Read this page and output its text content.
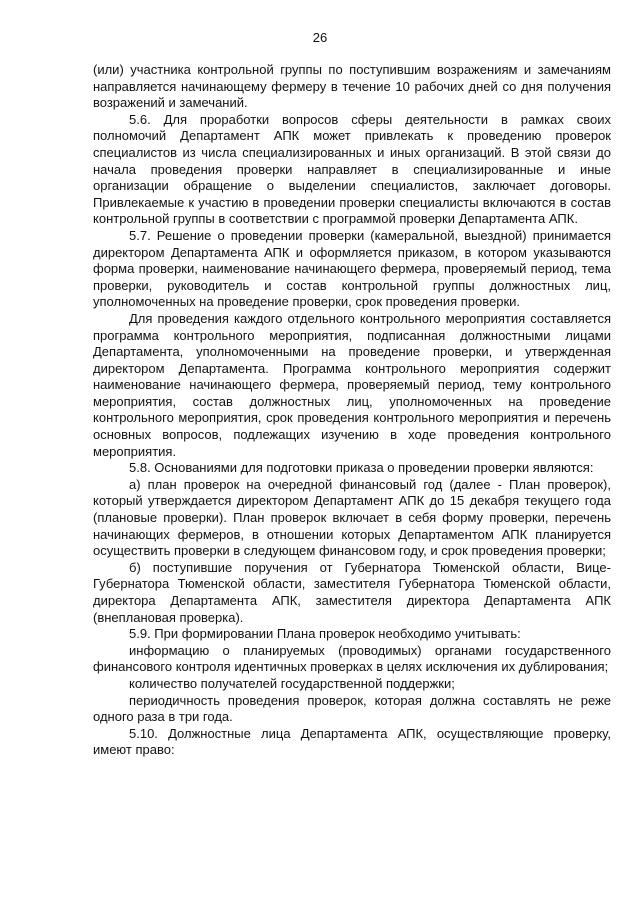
26

(или) участника контрольной группы по поступившим возражениям и замечаниям направляется начинающему фермеру в течение 10 рабочих дней со дня получения возражений и замечаний.

5.6. Для проработки вопросов сферы деятельности в рамках своих полномочий Департамент АПК может привлекать к проведению проверок специалистов из числа специализированных и иных организаций. В этой связи до начала проведения проверки направляет в специализированные и иные организации обращение о выделении специалистов, заключает договоры. Привлекаемые к участию в проведении проверки специалисты включаются в состав контрольной группы в соответствии с программой проверки Департамента АПК.

5.7. Решение о проведении проверки (камеральной, выездной) принимается директором Департамента АПК и оформляется приказом, в котором указываются форма проверки, наименование начинающего фермера, проверяемый период, тема проверки, руководитель и состав контрольной группы должностных лиц, уполномоченных на проведение проверки, срок проведения проверки.

Для проведения каждого отдельного контрольного мероприятия составляется программа контрольного мероприятия, подписанная должностными лицами Департамента, уполномоченными на проведение проверки, и утвержденная директором Департамента. Программа контрольного мероприятия содержит наименование начинающего фермера, проверяемый период, тему контрольного мероприятия, состав должностных лиц, уполномоченных на проведение контрольного мероприятия, срок проведения контрольного мероприятия и перечень основных вопросов, подлежащих изучению в ходе проведения контрольного мероприятия.

5.8. Основаниями для подготовки приказа о проведении проверки являются:

а) план проверок на очередной финансовый год (далее - План проверок), который утверждается директором Департамент АПК до 15 декабря текущего года (плановые проверки). План проверок включает в себя форму проверки, перечень начинающих фермеров, в отношении которых Департаментом АПК планируется осуществить проверки в следующем финансовом году, и срок проведения проверки;

б) поступившие поручения от Губернатора Тюменской области, Вице-Губернатора Тюменской области, заместителя Губернатора Тюменской области, директора Департамента АПК, заместителя директора Департамента АПК (внеплановая проверка).

5.9. При формировании Плана проверок необходимо учитывать:

информацию о планируемых (проводимых) органами государственного финансового контроля идентичных проверках в целях исключения их дублирования;

количество получателей государственной поддержки;

периодичность проведения проверок, которая должна составлять не реже одного раза в три года.

5.10. Должностные лица Департамента АПК, осуществляющие проверку, имеют право:
